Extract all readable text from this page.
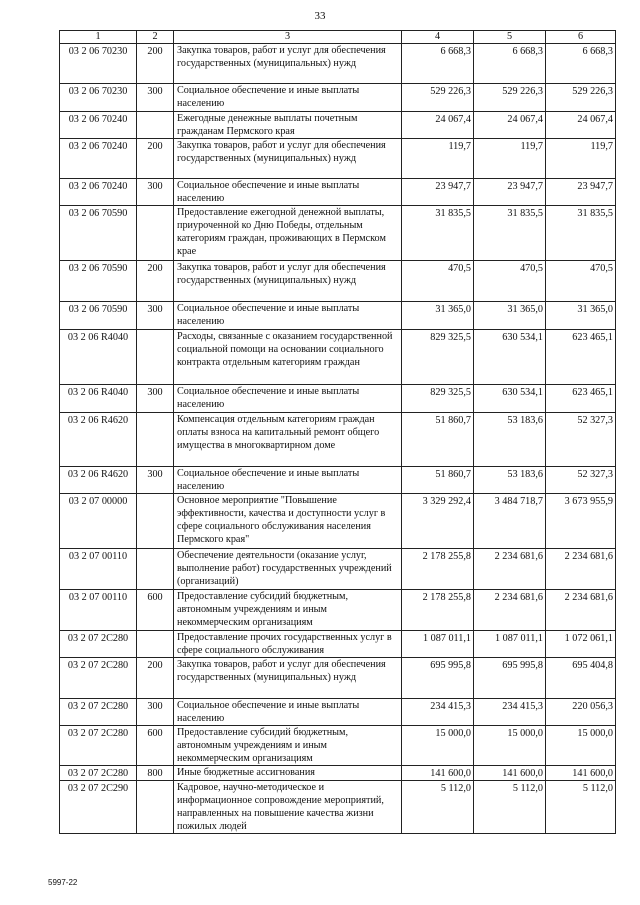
33
1	2	3	4	5	6
03 2 06 70230	200	Закупка товаров, работ и услуг для обеспечения государственных (муниципальных) нужд	6 668,3	6 668,3	6 668,3
03 2 06 70230	300	Социальное обеспечение и иные выплаты населению	529 226,3	529 226,3	529 226,3
03 2 06 70240		Ежегодные денежные выплаты почетным гражданам Пермского края	24 067,4	24 067,4	24 067,4
03 2 06 70240	200	Закупка товаров, работ и услуг для обеспечения государственных (муниципальных) нужд	119,7	119,7	119,7
03 2 06 70240	300	Социальное обеспечение и иные выплаты населению	23 947,7	23 947,7	23 947,7
03 2 06 70590		Предоставление ежегодной денежной выплаты, приуроченной ко Дню Победы, отдельным категориям граждан, проживающих в Пермском крае	31 835,5	31 835,5	31 835,5
03 2 06 70590	200	Закупка товаров, работ и услуг для обеспечения государственных (муниципальных) нужд	470,5	470,5	470,5
03 2 06 70590	300	Социальное обеспечение и иные выплаты населению	31 365,0	31 365,0	31 365,0
03 2 06 R4040		Расходы, связанные с оказанием государственной социальной помощи на основании социального контракта отдельным категориям граждан	829 325,5	630 534,1	623 465,1
03 2 06 R4040	300	Социальное обеспечение и иные выплаты населению	829 325,5	630 534,1	623 465,1
03 2 06 R4620		Компенсация отдельным категориям граждан оплаты взноса на капитальный ремонт общего имущества в многоквартирном доме	51 860,7	53 183,6	52 327,3
03 2 06 R4620	300	Социальное обеспечение и иные выплаты населению	51 860,7	53 183,6	52 327,3
03 2 07 00000		Основное мероприятие "Повышение эффективности, качества и доступности услуг в сфере социального обслуживания населения Пермского края"	3 329 292,4	3 484 718,7	3 673 955,9
03 2 07 00110		Обеспечение деятельности (оказание услуг, выполнение работ) государственных учреждений (организаций)	2 178 255,8	2 234 681,6	2 234 681,6
03 2 07 00110	600	Предоставление субсидий бюджетным, автономным учреждениям и иным некоммерческим организациям	2 178 255,8	2 234 681,6	2 234 681,6
03 2 07 2С280		Предоставление прочих государственных услуг в сфере социального обслуживания	1 087 011,1	1 087 011,1	1 072 061,1
03 2 07 2С280	200	Закупка товаров, работ и услуг для обеспечения государственных (муниципальных) нужд	695 995,8	695 995,8	695 404,8
03 2 07 2С280	300	Социальное обеспечение и иные выплаты населению	234 415,3	234 415,3	220 056,3
03 2 07 2С280	600	Предоставление субсидий бюджетным, автономным учреждениям и иным некоммерческим организациям	15 000,0	15 000,0	15 000,0
03 2 07 2С280	800	Иные бюджетные ассигнования	141 600,0	141 600,0	141 600,0
03 2 07 2С290		Кадровое, научно-методическое и информационное сопровождение мероприятий, направленных на повышение качества жизни пожилых людей	5 112,0	5 112,0	5 112,0
5997-22
